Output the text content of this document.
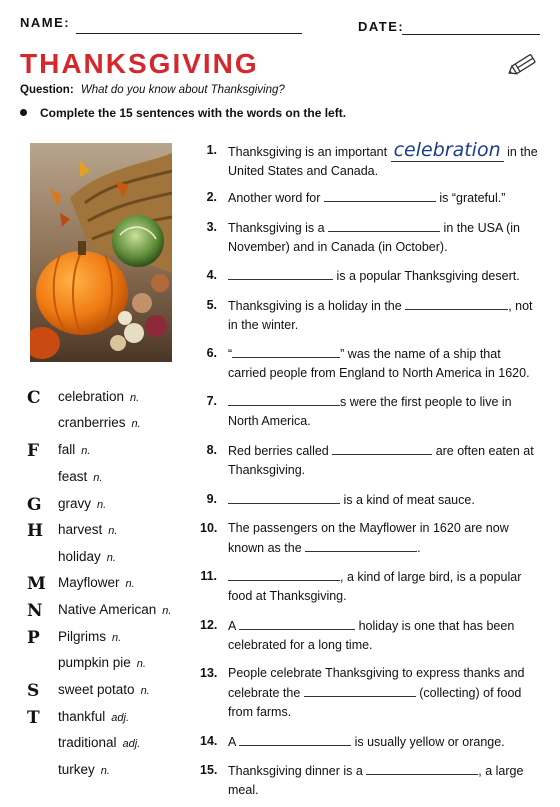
NAME:	DATE:
THANKSGIVING
Question: What do you know about Thanksgiving?
Complete the 15 sentences with the words on the left.
C celebration n.
cranberries n.
F fall n.
feast n.
G gravy n.
H harvest n.
holiday n.
M Mayflower n.
N Native American n.
P Pilgrims n.
pumpkin pie n.
S sweet potato n.
T thankful adj.
traditional adj.
turkey n.
1. Thanksgiving is an important celebration in the United States and Canada.
2. Another word for	is “grateful.”
3. Thanksgiving is a	in the USA (in November) and in Canada (in October).
4.	is a popular Thanksgiving desert.
5. Thanksgiving is a holiday in the	, not in the winter.
6. “	” was the name of a ship that carried people from England to North America in 1620.
7.	s were the first people to live in North America.
8. Red berries called	are often eaten at Thanksgiving.
9.	is a kind of meat sauce.
10. The passengers on the Mayflower in 1620 are now known as the	.
11.	, a kind of large bird, is a popular food at Thanksgiving.
12. A	holiday is one that has been celebrated for a long time.
13. People celebrate Thanksgiving to express thanks and celebrate the	(collecting) of food from farms.
14. A	is usually yellow or orange.
15. Thanksgiving dinner is a	, a large meal.
